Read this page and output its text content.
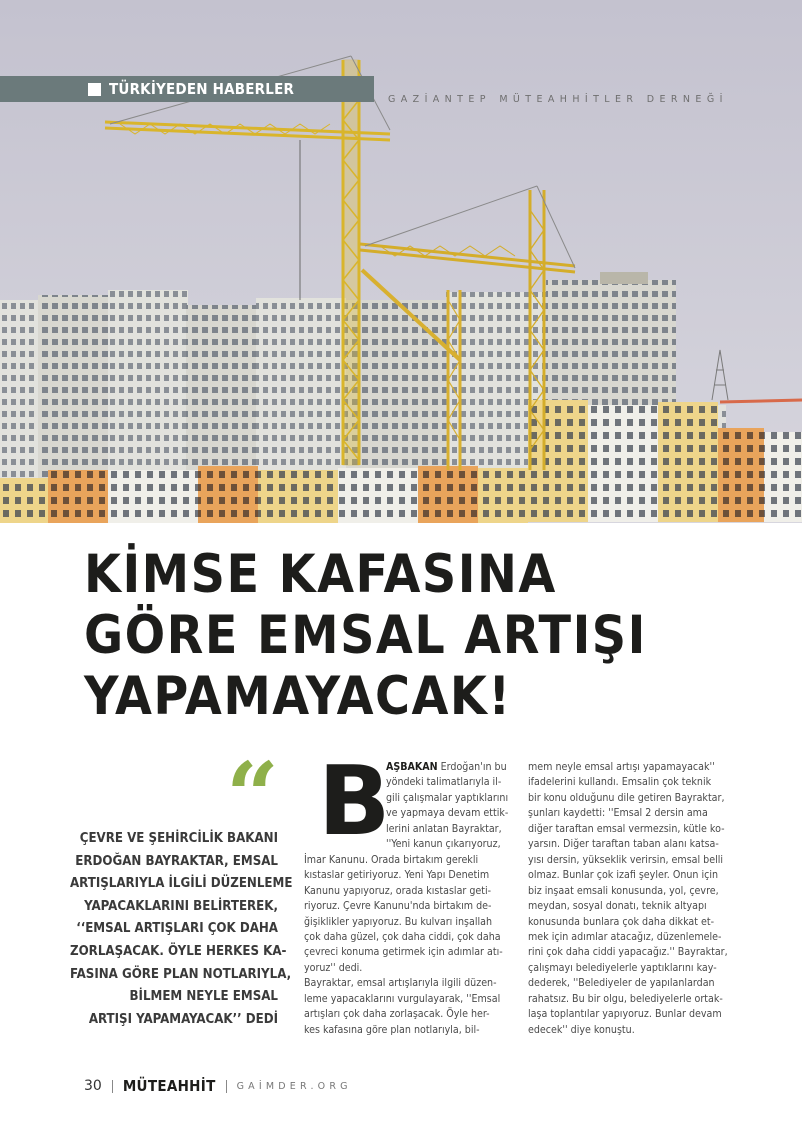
TÜRKİYEDEN HABERLER
GAZİANTEP MÜTEAHHİTLER DERNEĞİ
KİMSE KAFASINA
GÖRE EMSAL ARTIŞI
YAPAMAYACAK!
“
ÇEVRE VE ŞEHİRCİLİK BAKANI
ERDOĞAN BAYRAKTAR, EMSAL
ARTIŞLARIYLA İLGİLİ DÜZENLEME
YAPACAKLARINI BELİRTEREK,
‘‘EMSAL ARTIŞLARI ÇOK DAHA
ZORLAŞACAK. ÖYLE HERKES KA-
FASINA GÖRE PLAN NOTLARIYLA,
BİLMEM NEYLE EMSAL
ARTIŞI YAPAMAYACAK’’ DEDİ
B
AŞBAKAN Erdoğan'ın bu
yöndeki talimatlarıyla il-
gili çalışmalar yaptıklarını
ve yapmaya devam ettik-
lerini anlatan Bayraktar,
''Yeni kanun çıkarıyoruz,
İmar Kanunu. Orada birtakım gerekli
kıstaslar getiriyoruz. Yeni Yapı Denetim
Kanunu yapıyoruz, orada kıstaslar geti-
riyoruz. Çevre Kanunu'nda birtakım de-
ğişiklikler yapıyoruz. Bu kulvarı inşallah
çok daha güzel, çok daha ciddi, çok daha
çevreci konuma getirmek için adımlar atı-
yoruz'' dedi.
Bayraktar, emsal artışlarıyla ilgili düzen-
leme yapacaklarını vurgulayarak, ''Emsal
artışları çok daha zorlaşacak. Öyle her-
kes kafasına göre plan notlarıyla, bil-
mem neyle emsal artışı yapamayacak''
ifadelerini kullandı. Emsalin çok teknik
bir konu olduğunu dile getiren Bayraktar,
şunları kaydetti: ''Emsal 2 dersin ama
diğer taraftan emsal vermezsin, kütle ko-
yarsın. Diğer taraftan taban alanı katsa-
yısı dersin, yükseklik verirsin, emsal belli
olmaz. Bunlar çok izafi şeyler. Onun için
biz inşaat emsali konusunda, yol, çevre,
meydan, sosyal donatı, teknik altyapı
konusunda bunlara çok daha dikkat et-
mek için adımlar atacağız, düzenlemele-
rini çok daha ciddi yapacağız.'' Bayraktar,
çalışmayı belediyelerle yaptıklarını kay-
dederek, ''Belediyeler de yapılanlardan
rahatsız. Bu bir olgu, belediyelerle ortak-
laşa toplantılar yapıyoruz. Bunlar devam
edecek'' diye konuştu.
30 MÜTEAHHİT GAİMDER.ORG
